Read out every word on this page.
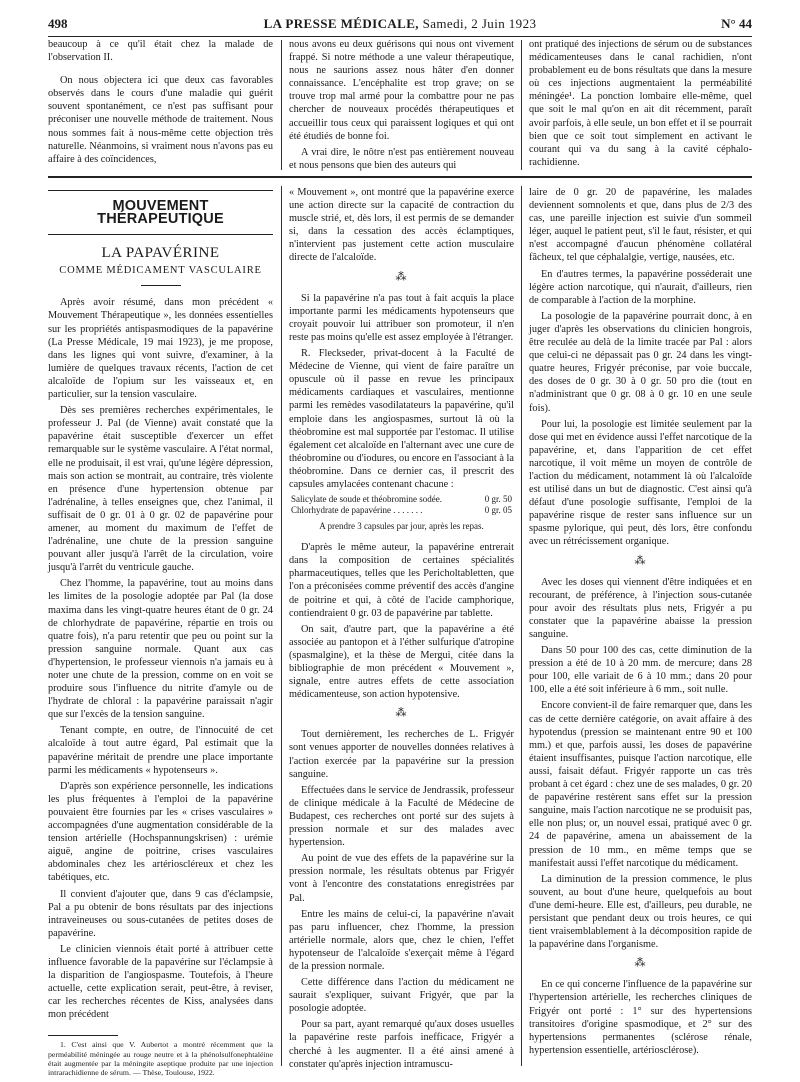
498	LA PRESSE MÉDICALE, Samedi, 2 Juin 1923	N° 44

beaucoup à ce qu'il était chez la malade de l'observation II.

On nous objectera ici que deux cas favorables observés dans le cours d'une maladie qui guérit souvent spontanément, ce n'est pas suffisant pour préconiser une nouvelle méthode de traitement. Nous nous sommes fait à nous-même cette objection très naturelle. Néanmoins, si vraiment nous n'avons pas eu affaire à des coïncidences,

nous avons eu deux guérisons qui nous ont vivement frappé. Si notre méthode a une valeur thérapeutique, nous ne saurions assez nous hâter d'en donner connaissance. L'encéphalite est trop grave; on se trouve trop mal armé pour la combattre pour ne pas chercher de nouveaux procédés thérapeutiques et accueillir tous ceux qui paraissent logiques et qui ont été étudiés de bonne foi.

A vrai dire, le nôtre n'est pas entièrement nouveau et nous pensons que bien des auteurs qui

ont pratiqué des injections de sérum ou de substances médicamenteuses dans le canal rachidien, n'ont probablement eu de bons résultats que dans la mesure où ces injections augmentaient la perméabilité méningée¹. La ponction lombaire elle-même, quel que soit le mal qu'on en ait dit récemment, paraît avoir parfois, à elle seule, un bon effet et il se pourrait bien que ce soit tout simplement en activant le courant qui va du sang à la cavité céphalo-rachidienne.

MOUVEMENT THÉRAPEUTIQUE
LA PAPAVÉRINE
COMME MÉDICAMENT VASCULAIRE

Après avoir résumé, dans mon précédent « Mouvement Thérapeutique », les données essentielles sur les propriétés antispasmodiques de la papavérine (La Presse Médicale, 19 mai 1923), je me propose, dans les lignes qui vont suivre, d'examiner, à la lumière de quelques travaux récents, l'action de cet alcaloïde de l'opium sur les vaisseaux et, en particulier, sur la tension vasculaire.

Dès ses premières recherches expérimentales, le professeur J. Pal (de Vienne) avait constaté que la papavérine était susceptible d'exercer un effet remarquable sur le système vasculaire. A l'état normal, elle ne produisait, il est vrai, qu'une légère dépression, mais son action se montrait, au contraire, très violente en présence d'une hypertension obtenue par l'adrénaline, à telles enseignes que, chez l'animal, il suffisait de 0 gr. 01 à 0 gr. 02 de papavérine pour amener, au moment du maximum de l'effet de l'adrénaline, une chute de la pression sanguine pouvant aller jusqu'à l'arrêt de la circulation, voire jusqu'à l'arrêt du ventricule gauche.

Chez l'homme, la papavérine, tout au moins dans les limites de la posologie adoptée par Pal (la dose maxima dans les vingt-quatre heures étant de 0 gr. 24 de chlorhydrate de papavérine, répartie en trois ou quatre fois), n'a paru retentir que peu ou point sur la pression sanguine normale. Quant aux cas d'hypertension, le professeur viennois n'a jamais eu à noter une chute de la pression, comme on en voit se produire sous l'influence du nitrite d'amyle ou de l'hydrate de chloral : la papavérine paraissait n'agir que sur l'excès de la tension sanguine.

Tenant compte, en outre, de l'innocuité de cet alcaloïde à tout autre égard, Pal estimait que la papavérine méritait de prendre une place importante parmi les médicaments « hypotenseurs ».

D'après son expérience personnelle, les indications les plus fréquentes à l'emploi de la papavérine pouvaient être fournies par les « crises vasculaires » accompagnées d'une augmentation considérable de la tension artérielle (Hochspannungskrisen) : urémie aiguë, angine de poitrine, crises vasculaires abdominales chez les artérioscléreux et chez les tabétiques, etc.

Il convient d'ajouter que, dans 9 cas d'éclampsie, Pal a pu obtenir de bons résultats par des injections intraveineuses ou sous-cutanées de petites doses de papavérine.

Le clinicien viennois était porté à attribuer cette influence favorable de la papavérine sur l'éclampsie à la disparition de l'angiospasme. Toutefois, à l'heure actuelle, cette explication serait, peut-être, à reviser, car les recherches récentes de Kiss, analysées dans mon précédent

1. C'est ainsi que V. Aubertot a montré récemment que la perméabilité méningée au rouge neutre et à la phénolsulfonephtaléine était augmentée par la méningite aseptique produite par une injection intrarachidienne de sérum. — Thèse, Toulouse, 1922.

« Mouvement », ont montré que la papavérine exerce une action directe sur la capacité de contraction du muscle strié, et, dès lors, il est permis de se demander si, dans la cessation des accès éclamptiques, n'intervient pas justement cette action musculaire directe de l'alcaloïde.

⁂

Si la papavérine n'a pas tout à fait acquis la place importante parmi les médicaments hypotenseurs que croyait pouvoir lui attribuer son promoteur, il n'en reste pas moins qu'elle est assez employée à l'étranger.

R. Fleckseder, privat-docent à la Faculté de Médecine de Vienne, qui vient de faire paraître un opuscule où il passe en revue les principaux médicaments cardiaques et vasculaires, mentionne parmi les remèdes vasodilatateurs la papavérine, qu'il emploie dans les angiospasmes, surtout là où la théobromine est mal supportée par l'estomac. Il utilise également cet alcaloïde en l'alternant avec une cure de théobromine ou d'iodures, ou encore en l'associant à la théobromine. Dans ce dernier cas, il prescrit des capsules amylacées contenant chacune :

Salicylate de soude et théobromine sodée.	0 gr. 50
Chlorhydrate de papavérine . . . . . . .	0 gr. 05
A prendre 3 capsules par jour, après les repas.

D'après le même auteur, la papavérine entrerait dans la composition de certaines spécialités pharmaceutiques, telles que les Pericholtabletten, que l'on a préconisées comme préventif des accès d'angine de poitrine et qui, à côté de l'acide camphorique, contiendraient 0 gr. 03 de papavérine par tablette.

On sait, d'autre part, que la papavérine a été associée au pantopon et à l'éther sulfurique d'atropine (spasmalgine), et la thèse de Mergui, citée dans la bibliographie de mon précédent « Mouvement », signale, entre autres effets de cette association médicamenteuse, son action hypotensive.

⁂

Tout dernièrement, les recherches de L. Frigyér sont venues apporter de nouvelles données relatives à l'action exercée par la papavérine sur la pression sanguine.

Effectuées dans le service de Jendrassik, professeur de clinique médicale à la Faculté de Médecine de Budapest, ces recherches ont porté sur des sujets à pression normale et sur des malades avec hypertension.

Au point de vue des effets de la papavérine sur la pression normale, les résultats obtenus par Frigyér vont à l'encontre des constatations enregistrées par Pal.

Entre les mains de celui-ci, la papavérine n'avait pas paru influencer, chez l'homme, la pression artérielle normale, alors que, chez le chien, l'effet hypotenseur de l'alcaloïde s'exerçait même à l'égard de la pression normale.

Cette différence dans l'action du médicament ne saurait s'expliquer, suivant Frigyér, que par la posologie adoptée.

Pour sa part, ayant remarqué qu'aux doses usuelles la papavérine reste parfois inefficace, Frigyér a cherché à les augmenter. Il a été ainsi amené à constater qu'après injection intramuscu-

laire de 0 gr. 20 de papavérine, les malades deviennent somnolents et que, dans plus de 2/3 des cas, une pareille injection est suivie d'un sommeil léger, auquel le patient peut, s'il le faut, résister, et qui n'est accompagné d'aucun phénomène collatéral fâcheux, tel que céphalalgie, vertige, nausées, etc.

En d'autres termes, la papavérine posséderait une légère action narcotique, qui n'aurait, d'ailleurs, rien de comparable à l'action de la morphine.

La posologie de la papavérine pourrait donc, à en juger d'après les observations du clinicien hongrois, être reculée au delà de la limite tracée par Pal : alors que celui-ci ne dépassait pas 0 gr. 24 dans les vingt-quatre heures, Frigyér préconise, par voie buccale, des doses de 0 gr. 30 à 0 gr. 50 pro die (tout en n'administrant que 0 gr. 08 à 0 gr. 10 en une seule fois).

Pour lui, la posologie est limitée seulement par la dose qui met en évidence aussi l'effet narcotique de la papavérine, et, dans l'apparition de cet effet narcotique, il voit même un moyen de contrôle de l'action du médicament, notamment là où l'alcaloïde est utilisé dans un but de diagnostic. C'est ainsi qu'à défaut d'une posologie suffisante, l'emploi de la papavérine risque de rester sans influence sur un spasme pylorique, qui peut, dès lors, être confondu avec un rétrécissement organique.

⁂

Avec les doses qui viennent d'être indiquées et en recourant, de préférence, à l'injection sous-cutanée pour avoir des résultats plus nets, Frigyér a pu constater que la papavérine abaisse la pression sanguine.

Dans 50 pour 100 des cas, cette diminution de la pression a été de 10 à 20 mm. de mercure; dans 28 pour 100, elle variait de 6 à 10 mm.; dans 20 pour 100, elle a été soit inférieure à 6 mm., soit nulle.

Encore convient-il de faire remarquer que, dans les cas de cette dernière catégorie, on avait affaire à des hypotendus (pression se maintenant entre 90 et 100 mm.) et que, parfois aussi, les doses de papavérine étaient insuffisantes, puisque l'action narcotique, elle aussi, faisait défaut. Frigyér rapporte un cas très probant à cet égard : chez une de ses malades, 0 gr. 20 de papavérine restèrent sans effet sur la pression sanguine, mais l'action narcotique ne se produisit pas, elle non plus; or, un nouvel essai, pratiqué avec 0 gr. 24 de papavérine, amena un abaissement de la pression de 10 mm., en même temps que se manifestait aussi l'effet narcotique du médicament.

La diminution de la pression commence, le plus souvent, au bout d'une heure, quelquefois au bout d'une demi-heure. Elle est, d'ailleurs, peu durable, ne persistant que pendant deux ou trois heures, ce qui tient vraisemblablement à la décomposition rapide de la papavérine dans l'organisme.

⁂

En ce qui concerne l'influence de la papavérine sur l'hypertension artérielle, les recherches cliniques de Frigyér ont porté : 1° sur des hypertensions transitoires d'origine spasmodique, et 2° sur des hypertensions permanentes (sclérose rénale, hypertension essentielle, artériosclérose).
